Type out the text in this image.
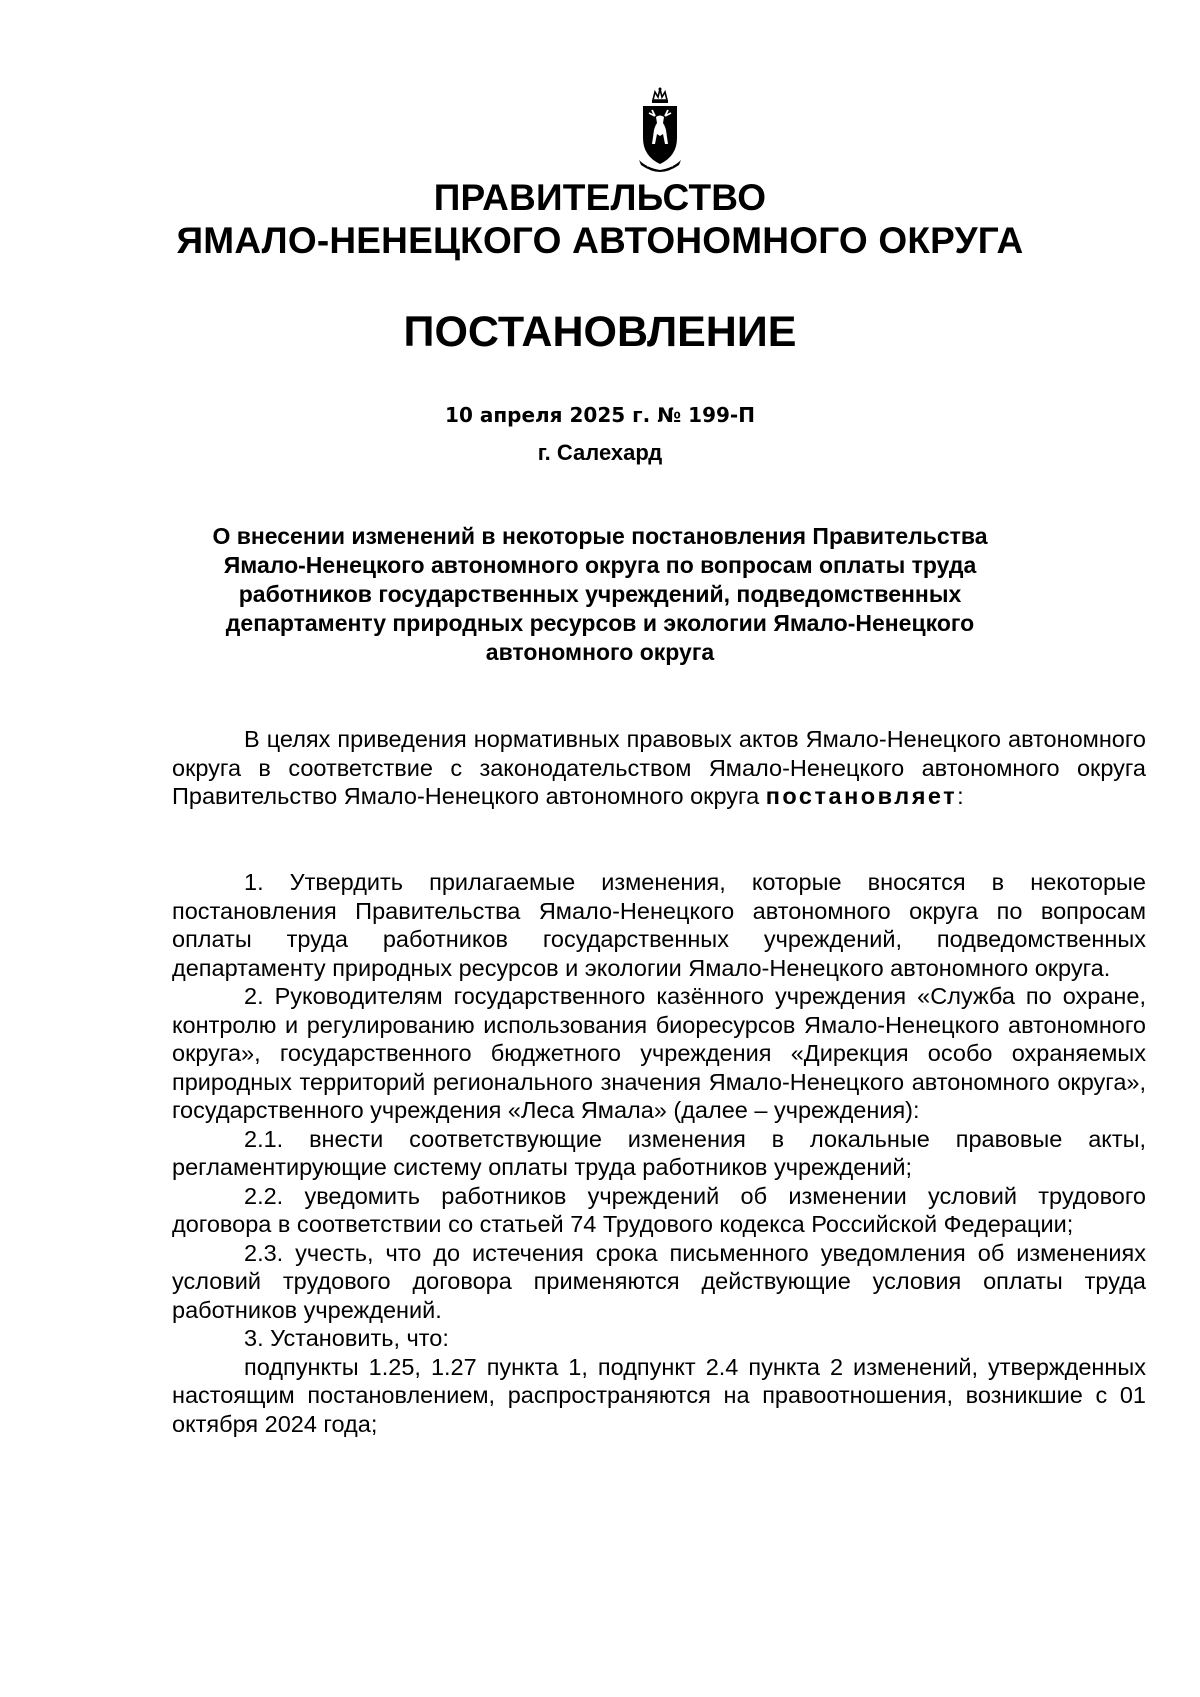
ПРАВИТЕЛЬСТВО
ЯМАЛО-НЕНЕЦКОГО АВТОНОМНОГО ОКРУГА
ПОСТАНОВЛЕНИЕ
10 апреля 2025 г. № 199-П
г. Салехард
О внесении изменений в некоторые постановления Правительства
Ямало-Ненецкого автономного округа по вопросам оплаты труда
работников государственных учреждений, подведомственных
департаменту природных ресурсов и экологии Ямало-Ненецкого
автономного округа

В целях приведения нормативных правовых актов Ямало-Ненецкого автономного округа в соответствие с законодательством Ямало-Ненецкого автономного округа Правительство Ямало-Ненецкого автономного округа постановляет:

1. Утвердить прилагаемые изменения, которые вносятся в некоторые постановления Правительства Ямало-Ненецкого автономного округа по вопросам оплаты труда работников государственных учреждений, подведомственных департаменту природных ресурсов и экологии Ямало-Ненецкого автономного округа.

2. Руководителям государственного казённого учреждения «Служба по охране, контролю и регулированию использования биоресурсов Ямало-Ненецкого автономного округа», государственного бюджетного учреждения «Дирекция особо охраняемых природных территорий регионального значения Ямало-Ненецкого автономного округа», государственного учреждения «Леса Ямала» (далее – учреждения):

2.1. внести соответствующие изменения в локальные правовые акты, регламентирующие систему оплаты труда работников учреждений;

2.2. уведомить работников учреждений об изменении условий трудового договора в соответствии со статьей 74 Трудового кодекса Российской Федерации;

2.3. учесть, что до истечения срока письменного уведомления об изменениях условий трудового договора применяются действующие условия оплаты труда работников учреждений.

3. Установить, что:

подпункты 1.25, 1.27 пункта 1, подпункт 2.4 пункта 2 изменений, утвержденных настоящим постановлением, распространяются на правоотношения, возникшие с 01 октября 2024 года;
